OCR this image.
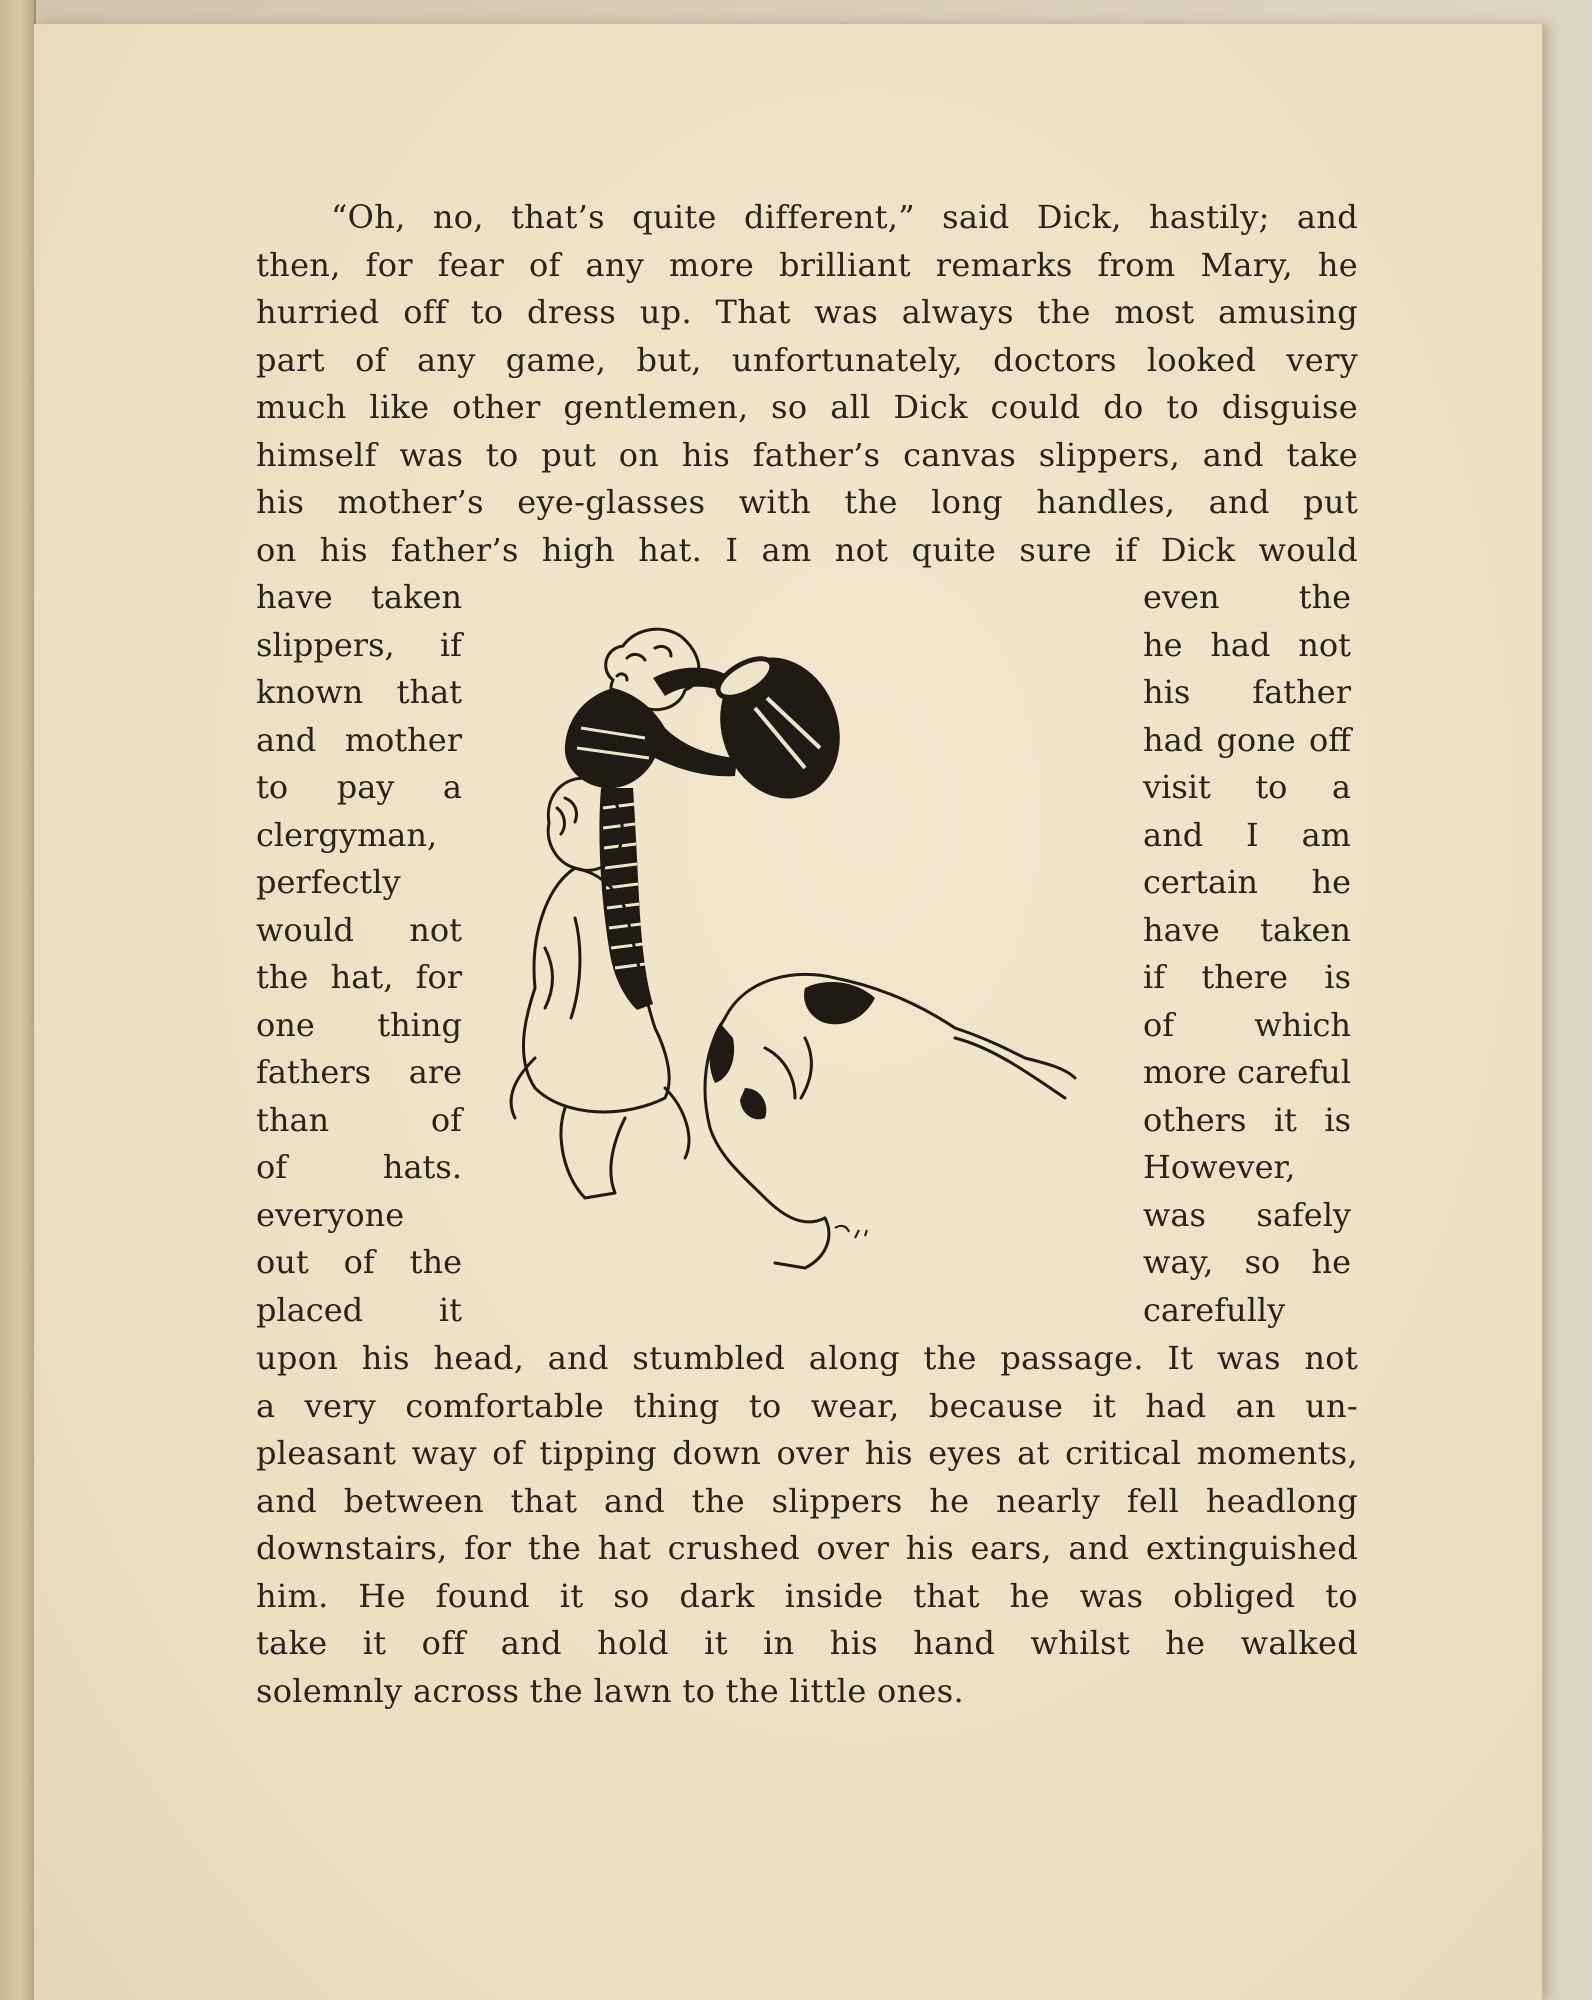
“Oh, no, that’s quite different,” said Dick, hastily; and
then, for fear of any more brilliant remarks from Mary, he
hurried off to dress up. That was always the most amusing
part of any game, but, unfortunately, doctors looked very
much like other gentlemen, so all Dick could do to disguise
himself was to put on his father’s canvas slippers, and take
his mother’s eye-glasses with the long handles, and put
on his father’s high hat. I am not quite sure if Dick would
have taken
slippers, if
known that
and mother
to pay a
clergyman,
perfectly
would not
the hat, for
one thing
fathers are
than of
of hats.
everyone
out of the
placed it
even the
he had not
his father
had gone off
visit to a
and I am
certain he
have taken
if there is
of which
more careful
others it is
However,
was safely
way, so he
carefully
upon his head, and stumbled along the passage. It was not
a very comfortable thing to wear, because it had an un-
pleasant way of tipping down over his eyes at critical moments,
and between that and the slippers he nearly fell headlong
downstairs, for the hat crushed over his ears, and extinguished
him. He found it so dark inside that he was obliged to
take it off and hold it in his hand whilst he walked
solemnly across the lawn to the little ones.
